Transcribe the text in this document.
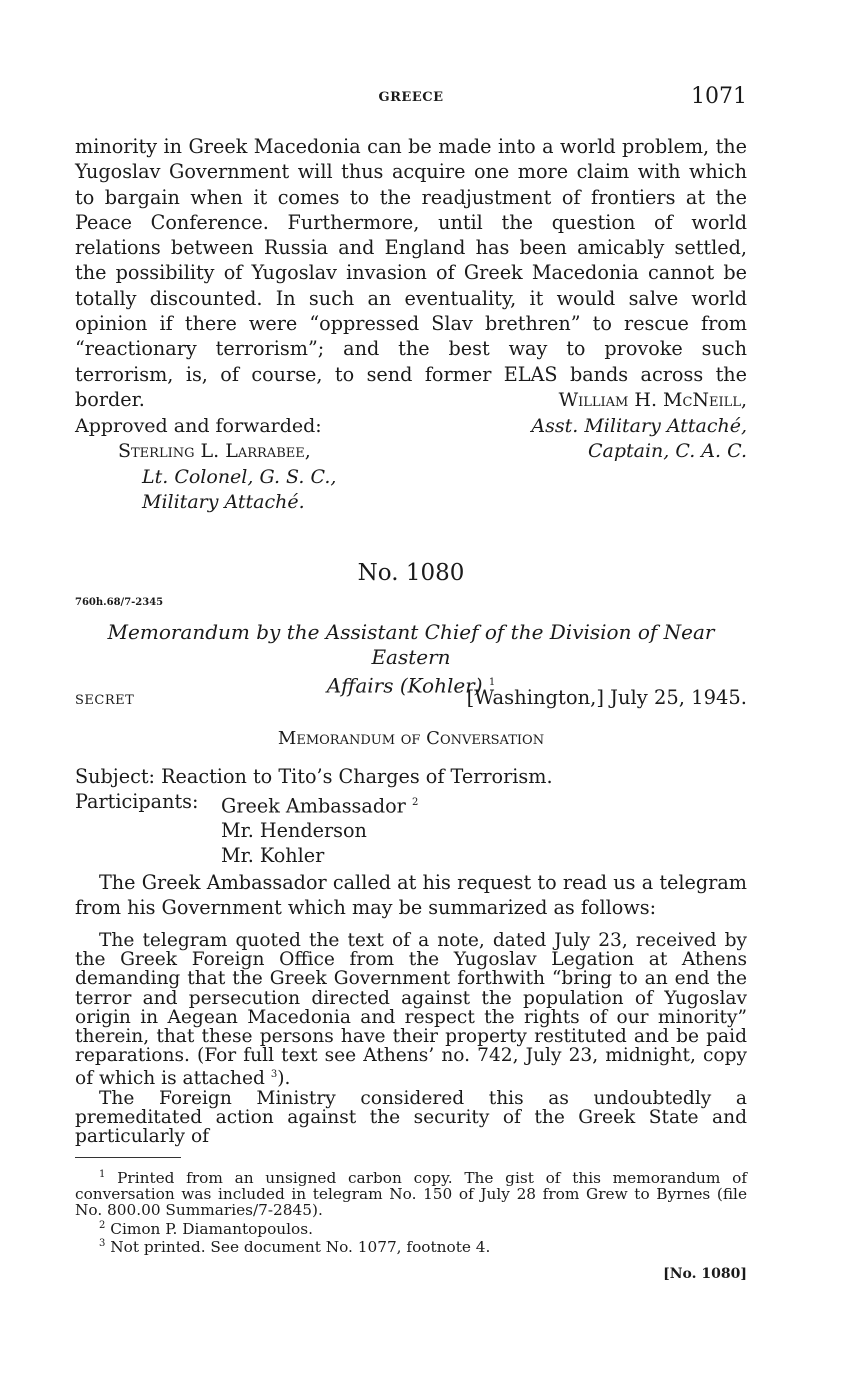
GREECE	1071
minority in Greek Macedonia can be made into a world problem, the Yugoslav Government will thus acquire one more claim with which to bargain when it comes to the readjustment of frontiers at the Peace Conference. Furthermore, until the question of world relations between Russia and England has been amicably settled, the possibility of Yugoslav invasion of Greek Macedonia cannot be totally discounted. In such an eventuality, it would salve world opinion if there were “oppressed Slav brethren” to rescue from “reactionary terrorism”; and the best way to provoke such terrorism, is, of course, to send former ELAS bands across the border.	William H. McNeill,
Asst. Military Attaché,
Captain, C. A. C.
Approved and forwarded:
Sterling L. Larrabee,
Lt. Colonel, G. S. C.,
Military Attaché.
No. 1080
760h.68/7-2345
Memorandum by the Assistant Chief of the Division of Near Eastern
Affairs (Kohler) $^1$
SECRET	[Washington,] July 25, 1945.
Memorandum of Conversation
Subject: Reaction to Tito’s Charges of Terrorism.
Participants: Greek Ambassador $^2$
Mr. Henderson
Mr. Kohler
The Greek Ambassador called at his request to read us a telegram from his Government which may be summarized as follows:
The telegram quoted the text of a note, dated July 23, received by the Greek Foreign Office from the Yugoslav Legation at Athens demanding that the Greek Government forthwith “bring to an end the terror and persecution directed against the population of Yugoslav origin in Aegean Macedonia and respect the rights of our minority” therein, that these persons have their property restituted and be paid reparations. (For full text see Athens’ no. 742, July 23, midnight, copy of which is attached $^3$).
The Foreign Ministry considered this as undoubtedly a premeditated action against the security of the Greek State and particularly of
$^1$ Printed from an unsigned carbon copy. The gist of this memorandum of conversation was included in telegram No. 150 of July 28 from Grew to Byrnes (file No. 800.00 Summaries/7-2845).
$^2$ Cimon P. Diamantopoulos.
$^3$ Not printed. See document No. 1077, footnote 4.
[No. 1080]
